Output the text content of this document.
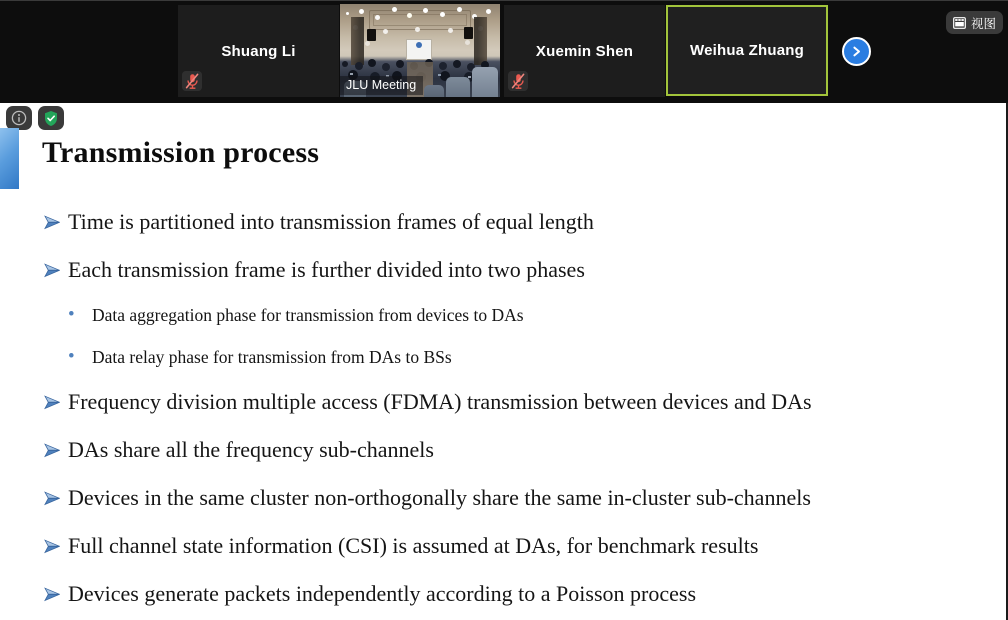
Shuang Li
JLU Meeting
Xuemin Shen	Weihua Zhuang
视图
Transmission process
Time is partitioned into transmission frames of equal length
Each transmission frame is further divided into two phases
• Data aggregation phase for transmission from devices to DAs
• Data relay phase for transmission from DAs to BSs
Frequency division multiple access (FDMA) transmission between devices and DAs
DAs share all the frequency sub-channels
Devices in the same cluster non-orthogonally share the same in-cluster sub-channels
Full channel state information (CSI) is assumed at DAs, for benchmark results
Devices generate packets independently according to a Poisson process
